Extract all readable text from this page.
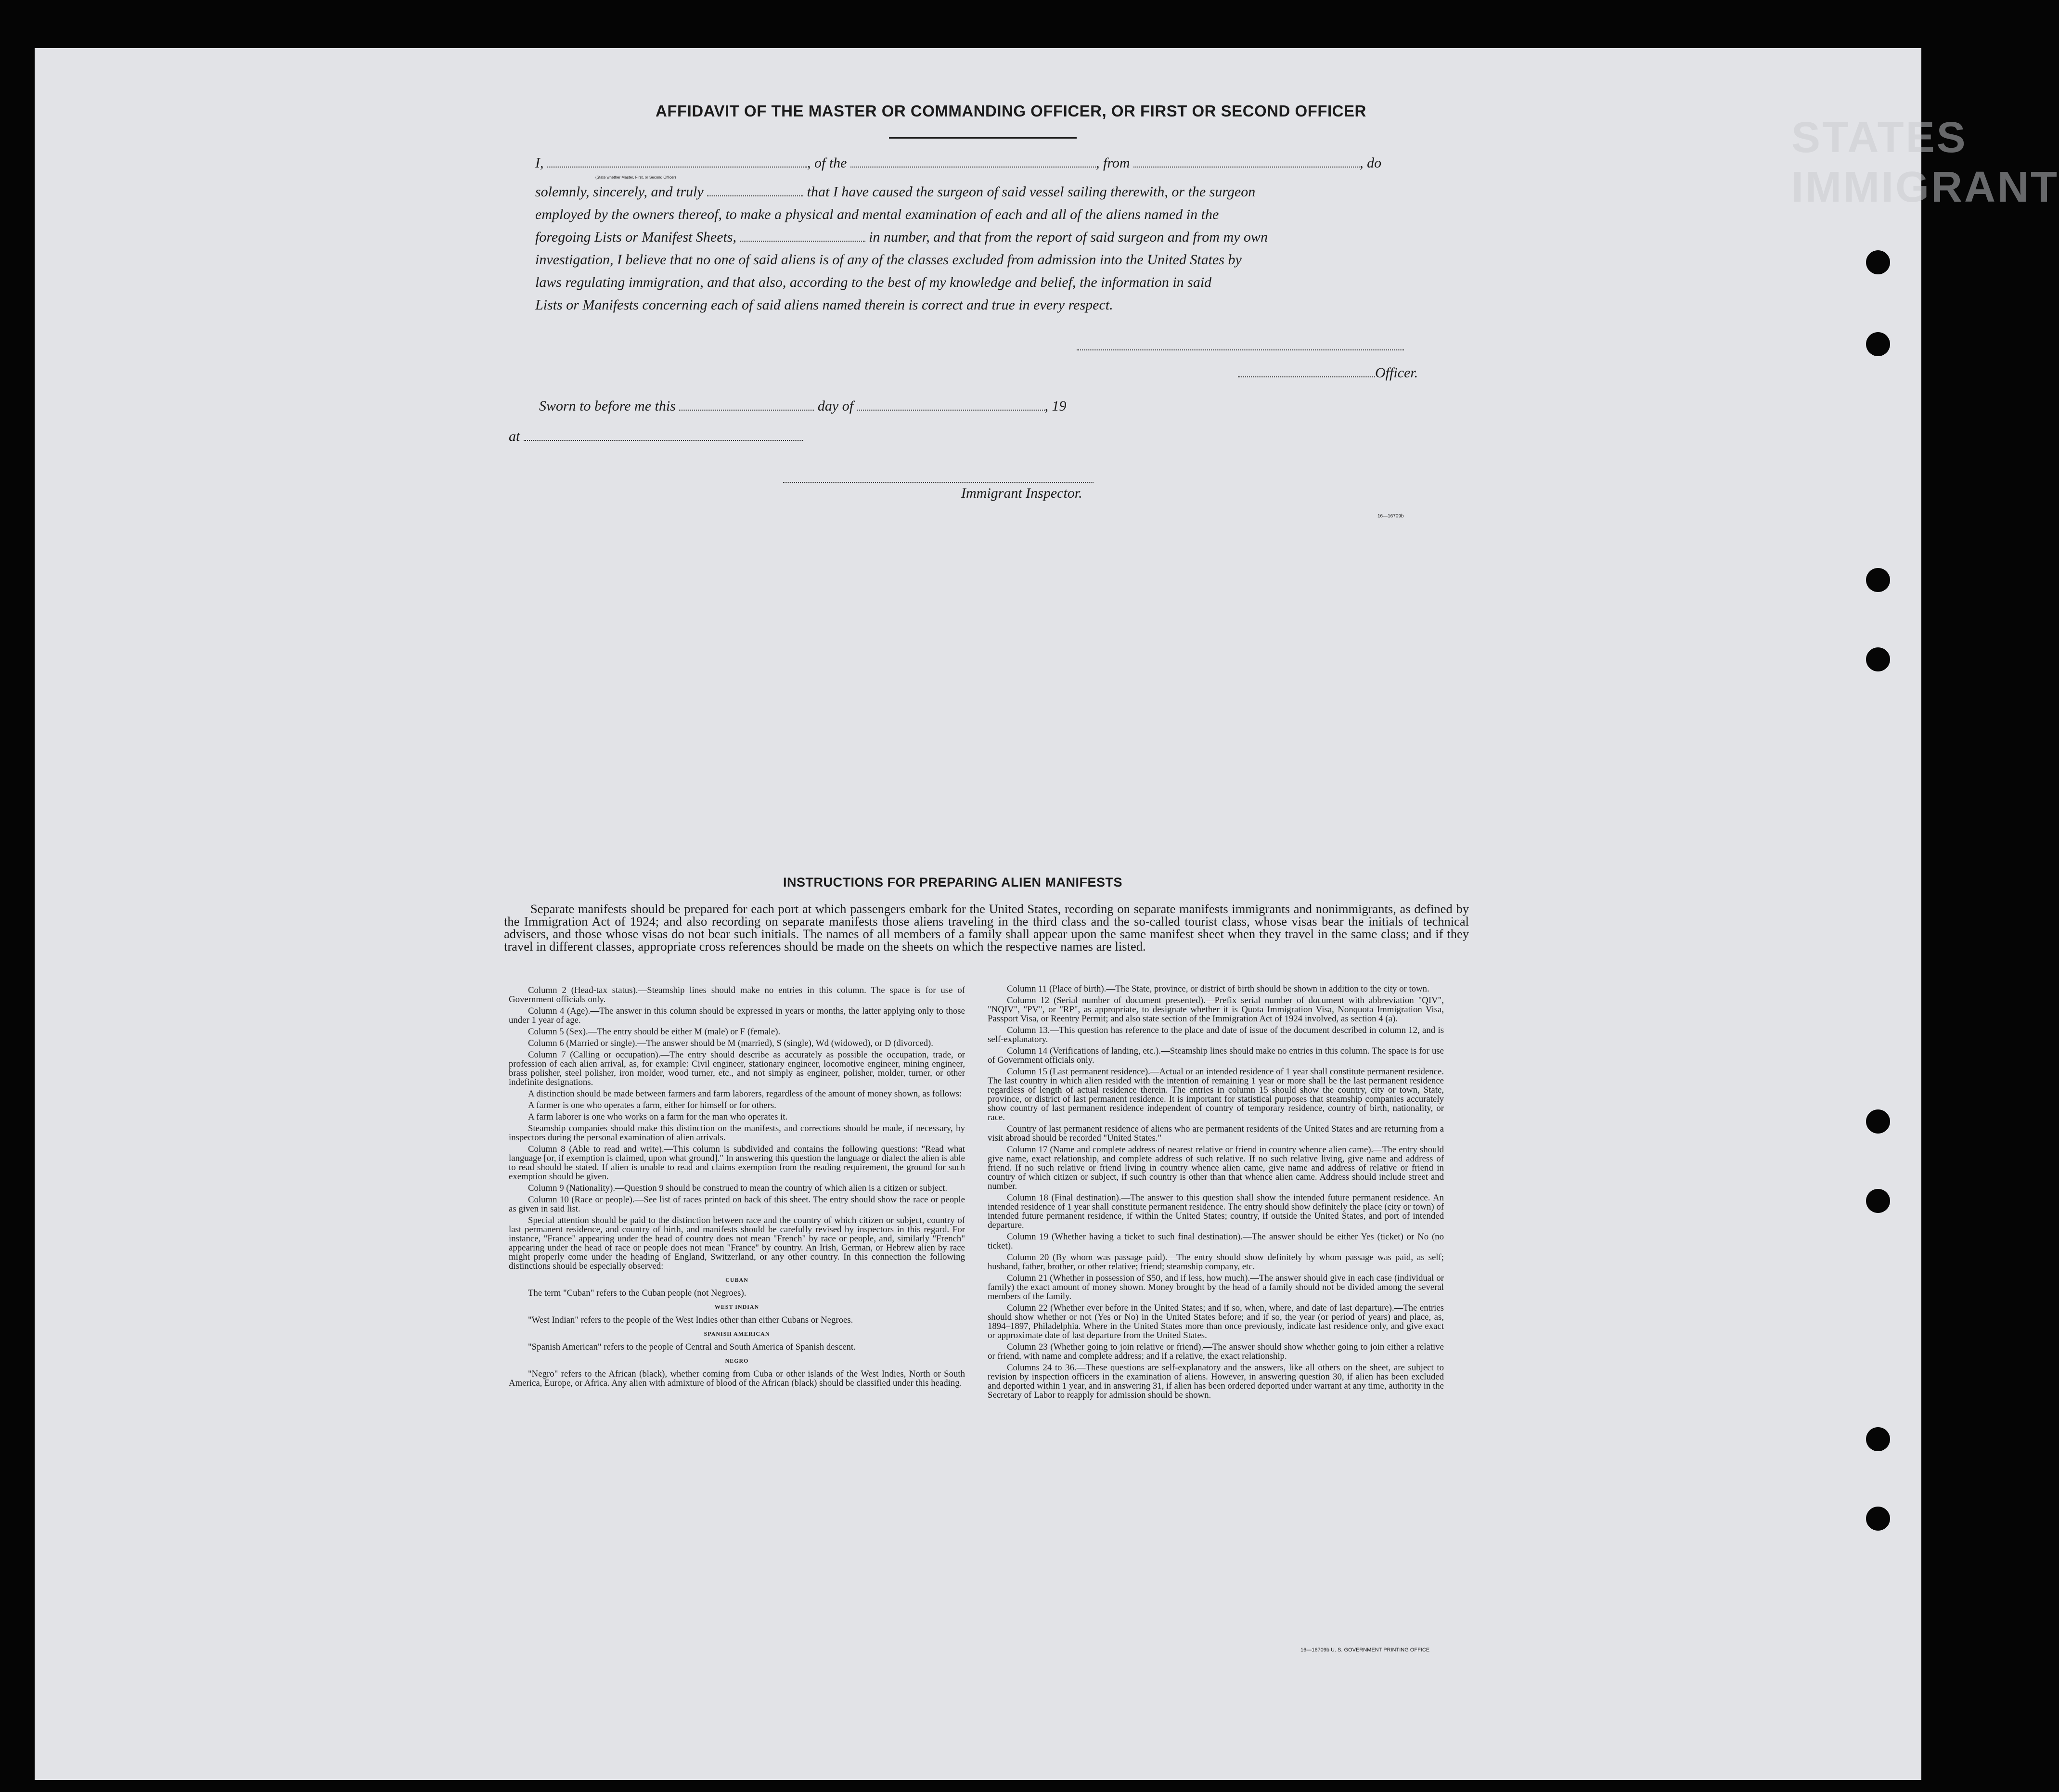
STATES IMMIGRANT
AFFIDAVIT OF THE MASTER OR COMMANDING OFFICER, OR FIRST OR SECOND OFFICER
I,	, of the	, from	, do
(State whether Master, First, or Second Officer)
solemnly, sincerely, and truly	that I have caused the surgeon of said vessel sailing therewith, or the surgeon
employed by the owners thereof, to make a physical and mental examination of each and all of the aliens named in the
foregoing Lists or Manifest Sheets,	in number, and that from the report of said surgeon and from my own
investigation, I believe that no one of said aliens is of any of the classes excluded from admission into the United States by
laws regulating immigration, and that also, according to the best of my knowledge and belief, the information in said
Lists or Manifests concerning each of said aliens named therein is correct and true in every respect.
Officer.
Sworn to before me this	day of	, 19
at
Immigrant Inspector.
16—16709b
INSTRUCTIONS FOR PREPARING ALIEN MANIFESTS

Separate manifests should be prepared for each port at which passengers embark for the United States, recording on separate manifests immigrants and nonimmigrants, as defined by the Immigration Act of 1924; and also recording on separate manifests those aliens traveling in the third class and the so-called tourist class, whose visas bear the initials of technical advisers, and those whose visas do not bear such initials. The names of all members of a family shall appear upon the same manifest sheet when they travel in the same class; and if they travel in different classes, appropriate cross references should be made on the sheets on which the respective names are listed.

Column 2 (Head-tax status).—Steamship lines should make no entries in this column. The space is for use of Government officials only.

Column 4 (Age).—The answer in this column should be expressed in years or months, the latter applying only to those under 1 year of age.

Column 5 (Sex).—The entry should be either M (male) or F (female).

Column 6 (Married or single).—The answer should be M (married), S (single), Wd (widowed), or D (divorced).

Column 7 (Calling or occupation).—The entry should describe as accurately as possible the occupation, trade, or profession of each alien arrival, as, for example: Civil engineer, stationary engineer, locomotive engineer, mining engineer, brass polisher, steel polisher, iron molder, wood turner, etc., and not simply as engineer, polisher, molder, turner, or other indefinite designations.

A distinction should be made between farmers and farm laborers, regardless of the amount of money shown, as follows:

A farmer is one who operates a farm, either for himself or for others.

A farm laborer is one who works on a farm for the man who operates it.

Steamship companies should make this distinction on the manifests, and corrections should be made, if necessary, by inspectors during the personal examination of alien arrivals.

Column 8 (Able to read and write).—This column is subdivided and contains the following questions: "Read what language [or, if exemption is claimed, upon what ground]." In answering this question the language or dialect the alien is able to read should be stated. If alien is unable to read and claims exemption from the reading requirement, the ground for such exemption should be given.

Column 9 (Nationality).—Question 9 should be construed to mean the country of which alien is a citizen or subject.

Column 10 (Race or people).—See list of races printed on back of this sheet. The entry should show the race or people as given in said list.

Special attention should be paid to the distinction between race and the country of which citizen or subject, country of last permanent residence, and country of birth, and manifests should be carefully revised by inspectors in this regard. For instance, "France" appearing under the head of country does not mean "French" by race or people, and, similarly "French" appearing under the head of race or people does not mean "France" by country. An Irish, German, or Hebrew alien by race might properly come under the heading of England, Switzerland, or any other country. In this connection the following distinctions should be especially observed:

CUBAN

The term "Cuban" refers to the Cuban people (not Negroes).

WEST INDIAN

"West Indian" refers to the people of the West Indies other than either Cubans or Negroes.

SPANISH AMERICAN

"Spanish American" refers to the people of Central and South America of Spanish descent.

NEGRO

"Negro" refers to the African (black), whether coming from Cuba or other islands of the West Indies, North or South America, Europe, or Africa. Any alien with admixture of blood of the African (black) should be classified under this heading.

Column 11 (Place of birth).—The State, province, or district of birth should be shown in addition to the city or town.

Column 12 (Serial number of document presented).—Prefix serial number of document with abbreviation "QIV", "NQIV", "PV", or "RP", as appropriate, to designate whether it is Quota Immigration Visa, Nonquota Immigration Visa, Passport Visa, or Reentry Permit; and also state section of the Immigration Act of 1924 involved, as section 4 (a).

Column 13.—This question has reference to the place and date of issue of the document described in column 12, and is self-explanatory.

Column 14 (Verifications of landing, etc.).—Steamship lines should make no entries in this column. The space is for use of Government officials only.

Column 15 (Last permanent residence).—Actual or an intended residence of 1 year shall constitute permanent residence. The last country in which alien resided with the intention of remaining 1 year or more shall be the last permanent residence regardless of length of actual residence therein. The entries in column 15 should show the country, city or town, State, province, or district of last permanent residence. It is important for statistical purposes that steamship companies accurately show country of last permanent residence independent of country of temporary residence, country of birth, nationality, or race.

Country of last permanent residence of aliens who are permanent residents of the United States and are returning from a visit abroad should be recorded "United States."

Column 17 (Name and complete address of nearest relative or friend in country whence alien came).—The entry should give name, exact relationship, and complete address of such relative. If no such relative living, give name and address of friend. If no such relative or friend living in country whence alien came, give name and address of relative or friend in country of which citizen or subject, if such country is other than that whence alien came. Address should include street and number.

Column 18 (Final destination).—The answer to this question shall show the intended future permanent residence. An intended residence of 1 year shall constitute permanent residence. The entry should show definitely the place (city or town) of intended future permanent residence, if within the United States; country, if outside the United States, and port of intended departure.

Column 19 (Whether having a ticket to such final destination).—The answer should be either Yes (ticket) or No (no ticket).

Column 20 (By whom was passage paid).—The entry should show definitely by whom passage was paid, as self; husband, father, brother, or other relative; friend; steamship company, etc.

Column 21 (Whether in possession of $50, and if less, how much).—The answer should give in each case (individual or family) the exact amount of money shown. Money brought by the head of a family should not be divided among the several members of the family.

Column 22 (Whether ever before in the United States; and if so, when, where, and date of last departure).—The entries should show whether or not (Yes or No) in the United States before; and if so, the year (or period of years) and place, as, 1894–1897, Philadelphia. Where in the United States more than once previously, indicate last residence only, and give exact or approximate date of last departure from the United States.

Column 23 (Whether going to join relative or friend).—The answer should show whether going to join either a relative or friend, with name and complete address; and if a relative, the exact relationship.

Columns 24 to 36.—These questions are self-explanatory and the answers, like all others on the sheet, are subject to revision by inspection officers in the examination of aliens. However, in answering question 30, if alien has been excluded and deported within 1 year, and in answering 31, if alien has been ordered deported under warrant at any time, authority in the Secretary of Labor to reapply for admission should be shown.

16—16709b U. S. GOVERNMENT PRINTING OFFICE
